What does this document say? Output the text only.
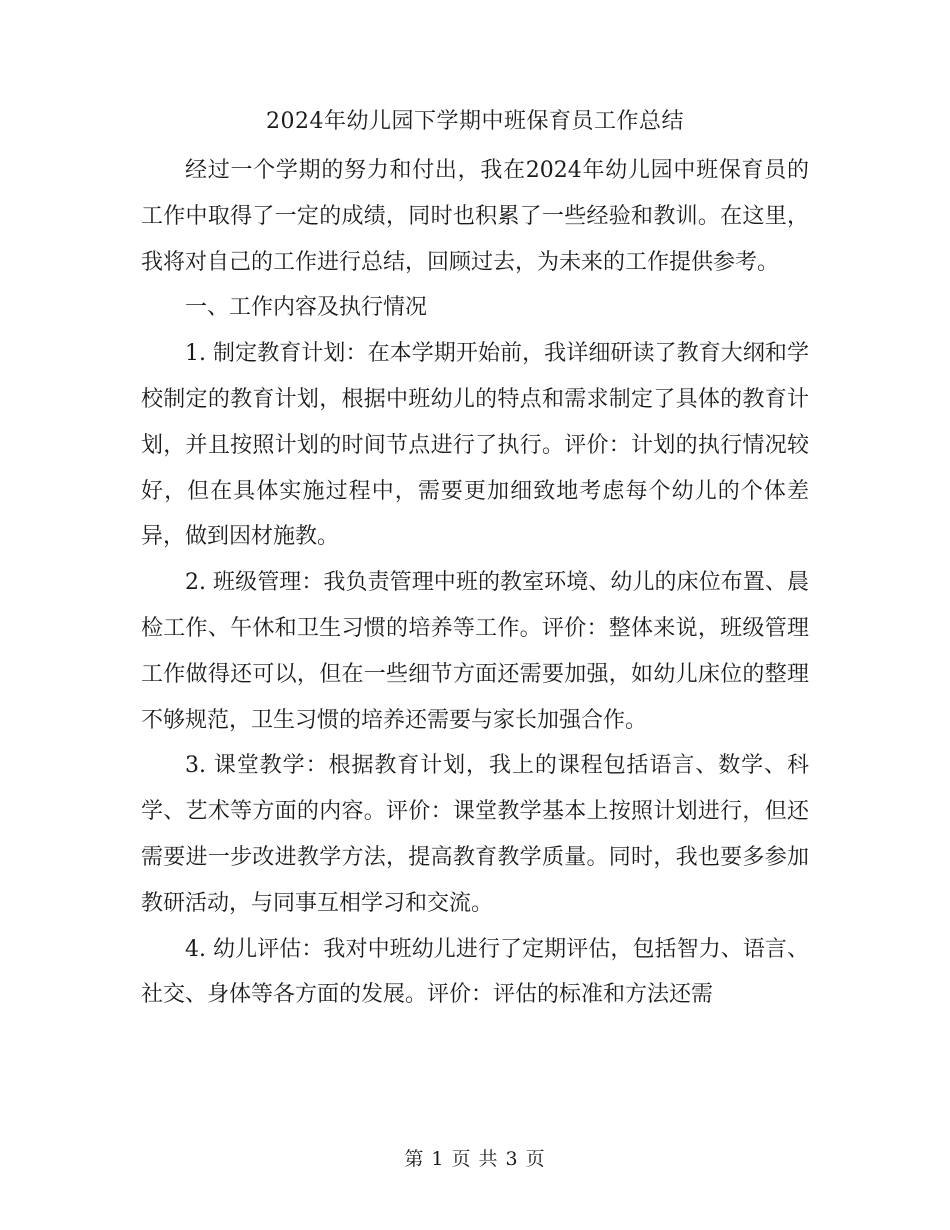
2024年幼儿园下学期中班保育员工作总结

经过一个学期的努力和付出，我在2024年幼儿园中班保育员的工作中取得了一定的成绩，同时也积累了一些经验和教训。在这里，我将对自己的工作进行总结，回顾过去，为未来的工作提供参考。

一、工作内容及执行情况

1. 制定教育计划：在本学期开始前，我详细研读了教育大纲和学校制定的教育计划，根据中班幼儿的特点和需求制定了具体的教育计划，并且按照计划的时间节点进行了执行。评价：计划的执行情况较好，但在具体实施过程中，需要更加细致地考虑每个幼儿的个体差异，做到因材施教。

2. 班级管理：我负责管理中班的教室环境、幼儿的床位布置、晨检工作、午休和卫生习惯的培养等工作。评价：整体来说，班级管理工作做得还可以，但在一些细节方面还需要加强，如幼儿床位的整理不够规范，卫生习惯的培养还需要与家长加强合作。

3. 课堂教学：根据教育计划，我上的课程包括语言、数学、科学、艺术等方面的内容。评价：课堂教学基本上按照计划进行，但还需要进一步改进教学方法，提高教育教学质量。同时，我也要多参加教研活动，与同事互相学习和交流。

4. 幼儿评估：我对中班幼儿进行了定期评估，包括智力、语言、社交、身体等各方面的发展。评价：评估的标准和方法还需

第 1 页 共 3 页
